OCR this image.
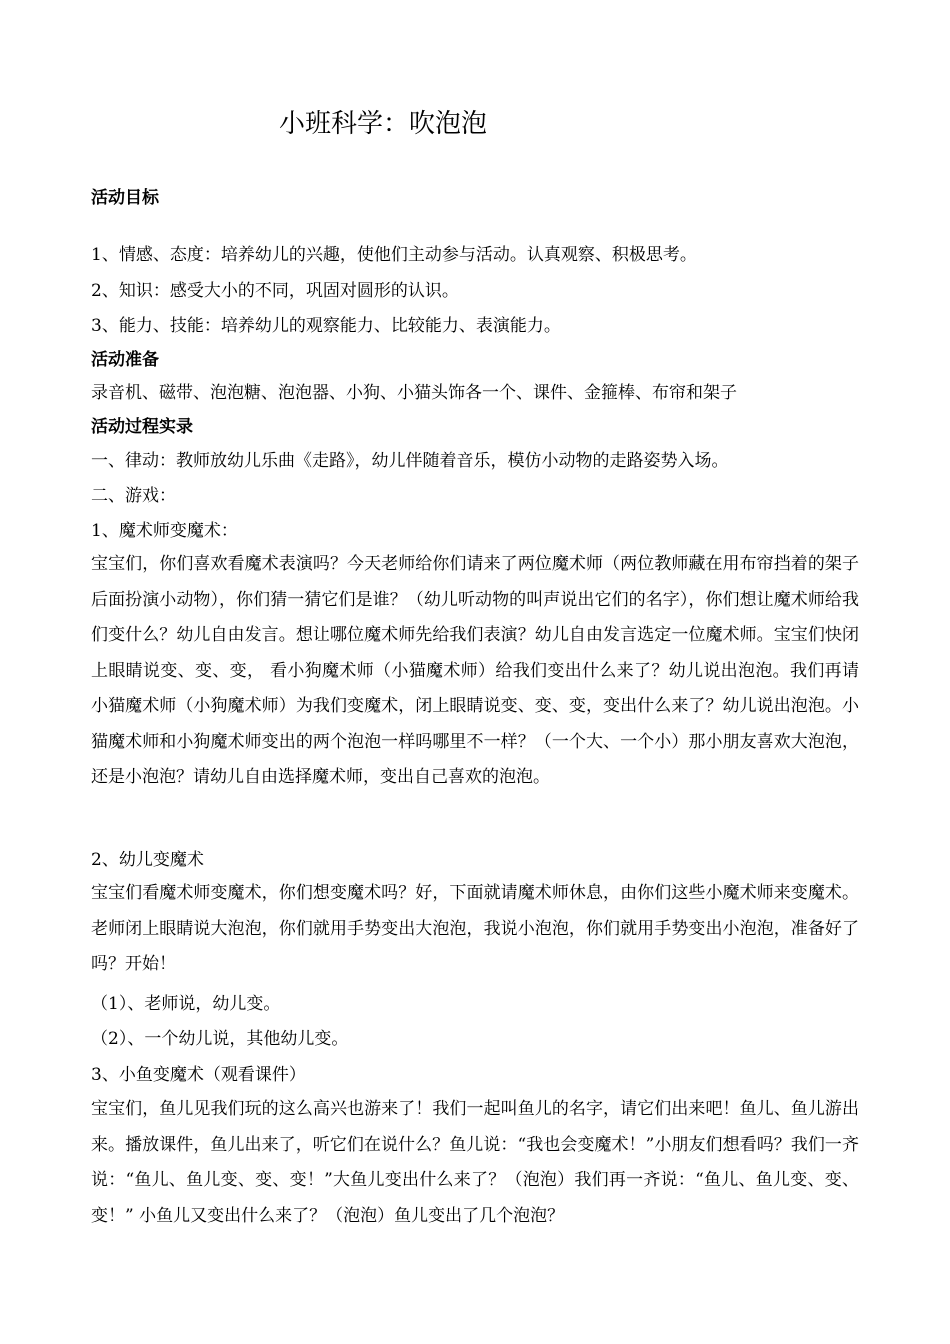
小班科学：吹泡泡
活动目标
1、情感、态度：培养幼儿的兴趣，使他们主动参与活动。认真观察、积极思考。
2、知识：感受大小的不同，巩固对圆形的认识。
3、能力、技能：培养幼儿的观察能力、比较能力、表演能力。
活动准备
录音机、磁带、泡泡糖、泡泡器、小狗、小猫头饰各一个、课件、金箍棒、布帘和架子
活动过程实录
一、律动：教师放幼儿乐曲《走路》，幼儿伴随着音乐，模仿小动物的走路姿势入场。
二、游戏：
1、魔术师变魔术：
宝宝们，你们喜欢看魔术表演吗？今天老师给你们请来了两位魔术师（两位教师藏在用布帘挡着的架子后面扮演小动物），你们猜一猜它们是谁？（幼儿听动物的叫声说出它们的名字），你们想让魔术师给我们变什么？幼儿自由发言。想让哪位魔术师先给我们表演？幼儿自由发言选定一位魔术师。宝宝们快闭上眼睛说变、变、变， 看小狗魔术师（小猫魔术师）给我们变出什么来了？幼儿说出泡泡。我们再请小猫魔术师（小狗魔术师）为我们变魔术，闭上眼睛说变、变、变，变出什么来了？幼儿说出泡泡。小猫魔术师和小狗魔术师变出的两个泡泡一样吗哪里不一样？（一个大、一个小）那小朋友喜欢大泡泡，还是小泡泡？请幼儿自由选择魔术师，变出自己喜欢的泡泡。
2、幼儿变魔术
宝宝们看魔术师变魔术，你们想变魔术吗？好，下面就请魔术师休息，由你们这些小魔术师来变魔术。老师闭上眼睛说大泡泡，你们就用手势变出大泡泡，我说小泡泡，你们就用手势变出小泡泡，准备好了吗？开始！
（1）、老师说，幼儿变。
（2）、一个幼儿说，其他幼儿变。
3、小鱼变魔术（观看课件）
宝宝们，鱼儿见我们玩的这么高兴也游来了！我们一起叫鱼儿的名字，请它们出来吧！鱼儿、鱼儿游出来。播放课件，鱼儿出来了，听它们在说什么？鱼儿说：“我也会变魔术！”小朋友们想看吗？我们一齐说：“鱼儿、鱼儿变、变、变！”大鱼儿变出什么来了？（泡泡）我们再一齐说：“鱼儿、鱼儿变、变、变！” 小鱼儿又变出什么来了？（泡泡）鱼儿变出了几个泡泡？
